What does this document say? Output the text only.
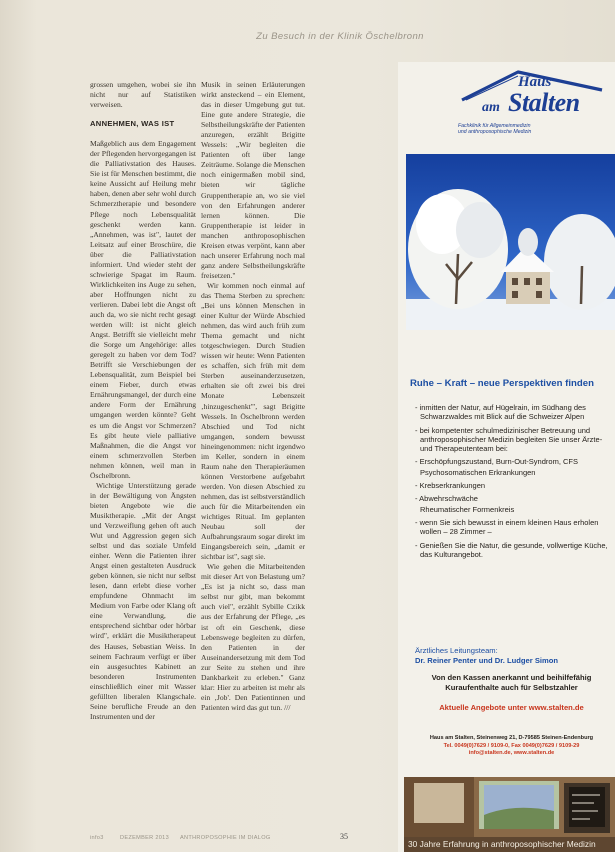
Zu Besuch in der Klinik Öschelbronn

grossen umgehen, wobei sie ihn nicht nur auf Statistiken verweisen.

ANNEHMEN, WAS IST

Maßgeblich aus dem Engagement der Pflegenden hervorgegangen ist die Palliativstation des Hauses. Sie ist für Menschen bestimmt, die keine Aussicht auf Heilung mehr haben, denen aber sehr wohl durch Schmerztherapie und besondere Pflege noch Lebensqualität geschenkt werden kann. „Annehmen, was ist", lautet der Leitsatz auf einer Broschüre, die über die Palliativstation informiert. Und wieder steht der schwierige Spagat im Raum. Wirklichkeiten ins Auge zu sehen, aber Hoffnungen nicht zu verlieren. Dabei lebt die Angst oft auch da, wo sie nicht recht gesagt werden will: ist nicht gleich Angst. Betrifft sie vielleicht mehr die Sorge um Angehörige: alles geregelt zu haben vor dem Tod? Betrifft sie Verschiebungen der Lebensqualität, zum Beispiel bei einem Fieber, durch etwas Ernährungsmangel, der durch eine andere Form der Ernährung umgangen werden könnte? Geht es um die Angst vor Schmerzen? Es gibt heute viele palliative Maßnahmen, die die Angst vor einem schmerzvollen Sterben nehmen können, weil man in Öschelbronn.

Wichtige Unterstützung gerade in der Bewältigung von Ängsten bieten Angebote wie die Musiktherapie. „Mit der Angst und Verzweiflung gehen oft auch Wut und Aggression gegen sich selbst und das soziale Umfeld einher. Wenn die Patienten ihrer Angst einen gestalteten Ausdruck geben können, sie nicht nur selbst lesen, dann erlebt diese vorher empfundene Ohnmacht im Medium von Farbe oder Klang oft eine Verwandlung, die entsprechend sichtbar oder hörbar wird", erklärt die Musiktherapeut des Hauses, Sebastian Weiss. In seinem Fachraum verfügt er über ein ausgesuchtes Kabinett an besonderen Instrumenten einschließlich einer mit Wasser gefüllten liberalen Klangschale. Seine berufliche Freude an den Instrumenten und der

Musik in seinen Erläuterungen wirkt ansteckend – ein Element, das in dieser Umgebung gut tut. Eine gute andere Strategie, die Selbstheilungskräfte der Patienten anzuregen, erzählt Brigitte Wessels: „Wir begleiten die Patienten oft über lange Zeiträume. Solange die Menschen noch einigermaßen mobil sind, bieten wir tägliche Gruppentherapie an, wo sie viel von den Erfahrungen anderer lernen können. Die Gruppentherapie ist leider in manchen anthroposophischen Kreisen etwas verpönt, kann aber nach unserer Erfahrung noch mal ganz andere Selbstheilungskräfte freisetzen."

Wir kommen noch einmal auf das Thema Sterben zu sprechen: „Bei uns können Menschen in einer Kultur der Würde Abschied nehmen, das wird auch früh zum Thema gemacht und nicht totgeschwiegen. Durch Studien wissen wir heute: Wenn Patienten es schaffen, sich früh mit dem Sterben auseinanderzusetzen, erhalten sie oft zwei bis drei Monate Lebenszeit ‚hinzugeschenkt'", sagt Brigitte Wessels. In Öschelbronn werden Abschied und Tod nicht umgangen, sondern bewusst hineingenommen: nicht irgendwo im Keller, sondern in einem Raum nahe den Therapieräumen können Verstorbene aufgebahrt werden. Von diesen Abschied zu nehmen, das ist selbstverständlich auch für die Mitarbeitenden ein wichtiges Ritual. Im geplanten Neubau soll der Aufbahrungsraum sogar direkt im Eingangsbereich sein, „damit er sichtbar ist", sagt sie.

Wie gehen die Mitarbeitenden mit dieser Art von Belastung um? „Es ist ja nicht so, dass man selbst nur gibt, man bekommt auch viel", erzählt Sybille Czikk aus der Erfahrung der Pflege, „es ist oft ein Geschenk, diese Lebenswege begleiten zu dürfen, den Patienten in der Auseinandersetzung mit dem Tod zur Seite zu stehen und ihre Dankbarkeit zu erleben." Ganz klar: Hier zu arbeiten ist mehr als ein ‚Job'. Den Patientinnen und Patienten wird das gut tun. ///

Haus
am Stalten
Fachklinik für Allgemeinmedizin
und anthroposophische Medizin
Ruhe – Kraft – neue Perspektiven finden
- inmitten der Natur, auf Hügelrain, im Südhang des Schwarzwaldes mit Blick auf die Schweizer Alpen
- bei kompetenter schulmedizinischer Betreuung und anthroposophischer Medizin begleiten Sie unser Ärzte- und Therapeutenteam bei:
- Erschöpfungszustand, Burn-Out-Syndrom, CFS
Psychosomatischen Erkrankungen
- Krebserkrankungen
- Abwehrschwäche
Rheumatischer Formenkreis
- wenn Sie sich bewusst in einem kleinen Haus erholen wollen – 28 Zimmer –
- Genießen Sie die Natur, die gesunde, vollwertige Küche, das Kulturangebot.
Ärztliches Leitungsteam:
Dr. Reiner Penter und Dr. Ludger Simon
Von den Kassen anerkannt und beihilfefähig
Kuraufenthalte auch für Selbstzahler
Aktuelle Angebote unter www.stalten.de
Haus am Stalten, Steinenweg 21, D-79585 Steinen-Endenburg
Tel. 0049(0)7629 / 9109-0, Fax 0049(0)7629 / 9109-29
info@stalten.de, www.stalten.de
30 Jahre Erfahrung in anthroposophischer Medizin
info3	DEZEMBER 2013 ANTHROPOSOPHIE IM DIALOG	35
